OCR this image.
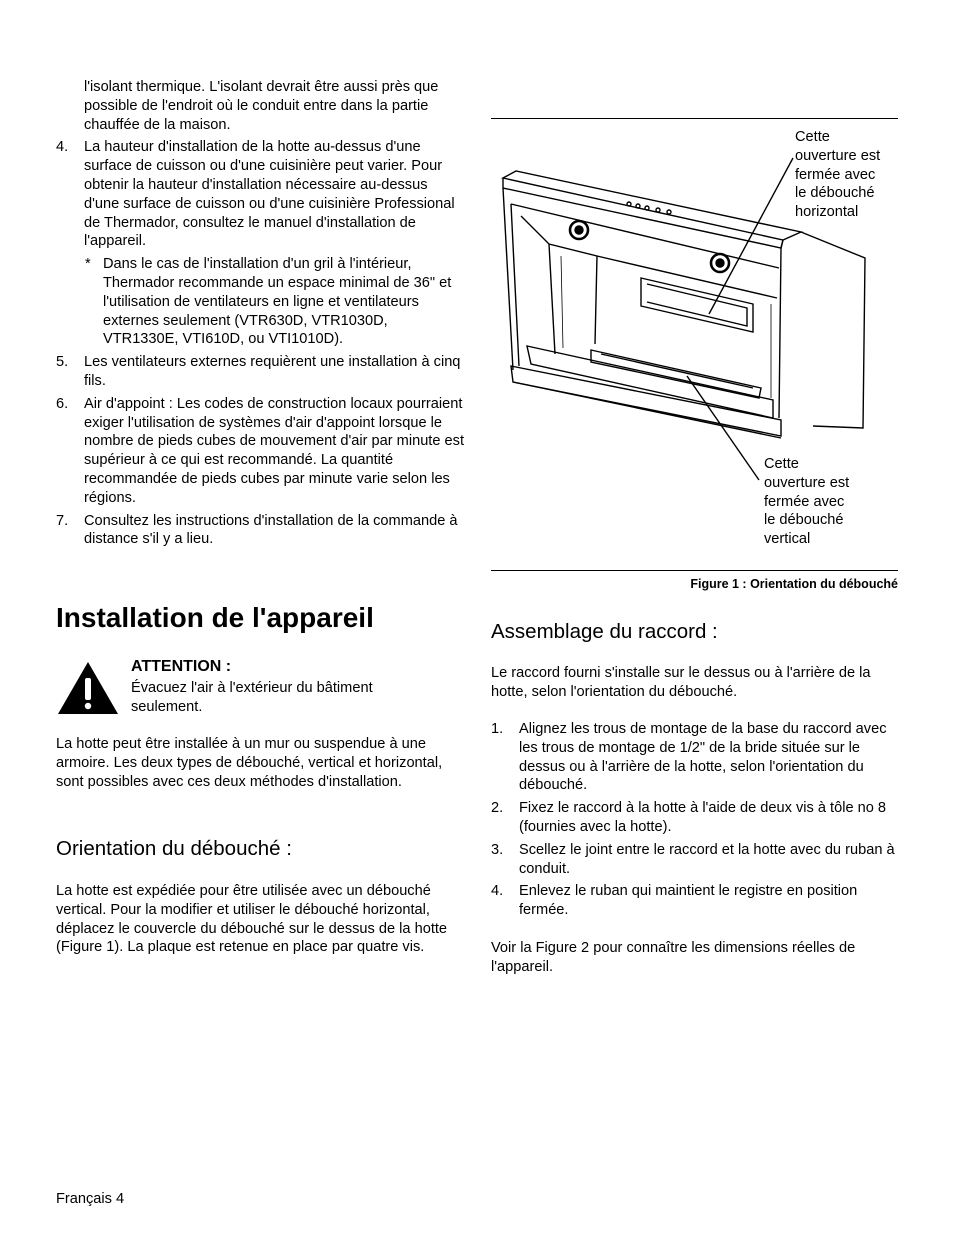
l'isolant thermique. L'isolant devrait être aussi près que possible de l'endroit où le conduit entre dans la partie chauffée de la maison.

4. La hauteur d'installation de la hotte au-dessus d'une surface de cuisson ou d'une cuisinière peut varier. Pour obtenir la hauteur d'installation nécessaire au-dessus d'une surface de cuisson ou d'une cuisinière Professional de Thermador, consultez le manuel d'installation de l'appareil.

* Dans le cas de l'installation d'un gril à l'intérieur, Thermador recommande un espace minimal de 36" et l'utilisation de ventilateurs en ligne et ventilateurs externes seulement (VTR630D, VTR1030D, VTR1330E, VTI610D, ou VTI1010D).

5. Les ventilateurs externes requièrent une installation à cinq fils.

6. Air d'appoint : Les codes de construction locaux pourraient exiger l'utilisation de systèmes d'air d'appoint lorsque le nombre de pieds cubes de mouvement d'air par minute est supérieur à ce qui est recommandé. La quantité recommandée de pieds cubes par minute varie selon les régions.

7. Consultez les instructions d'installation de la commande à distance s'il y a lieu.

Installation de l'appareil
ATTENTION :
Évacuez l'air à l'extérieur du bâtiment seulement.

La hotte peut être installée à un mur ou suspendue à une armoire. Les deux types de débouché, vertical et horizontal, sont possibles avec ces deux méthodes d'installation.

Orientation du débouché :

La hotte est expédiée pour être utilisée avec un débouché vertical. Pour la modifier et utiliser le débouché horizontal, déplacez le couvercle du débouché sur le dessus de la hotte (Figure 1). La plaque est retenue en place par quatre vis.

Cette
ouverture est
fermée avec
le débouché
horizontal
Cette
ouverture est
fermée avec
le débouché
vertical
Figure 1 : Orientation du débouché
Assemblage du raccord :

Le raccord fourni s'installe sur le dessus ou à l'arrière de la hotte, selon l'orientation du débouché.

1. Alignez les trous de montage de la base du raccord avec les trous de montage de 1/2" de la bride située sur le dessus ou à l'arrière de la hotte, selon l'orientation du débouché.

2. Fixez le raccord à la hotte à l'aide de deux vis à tôle no 8 (fournies avec la hotte).

3. Scellez le joint entre le raccord et la hotte avec du ruban à conduit.

4. Enlevez le ruban qui maintient le registre en position fermée.

Voir la Figure 2 pour connaître les dimensions réelles de l'appareil.

Français 4
